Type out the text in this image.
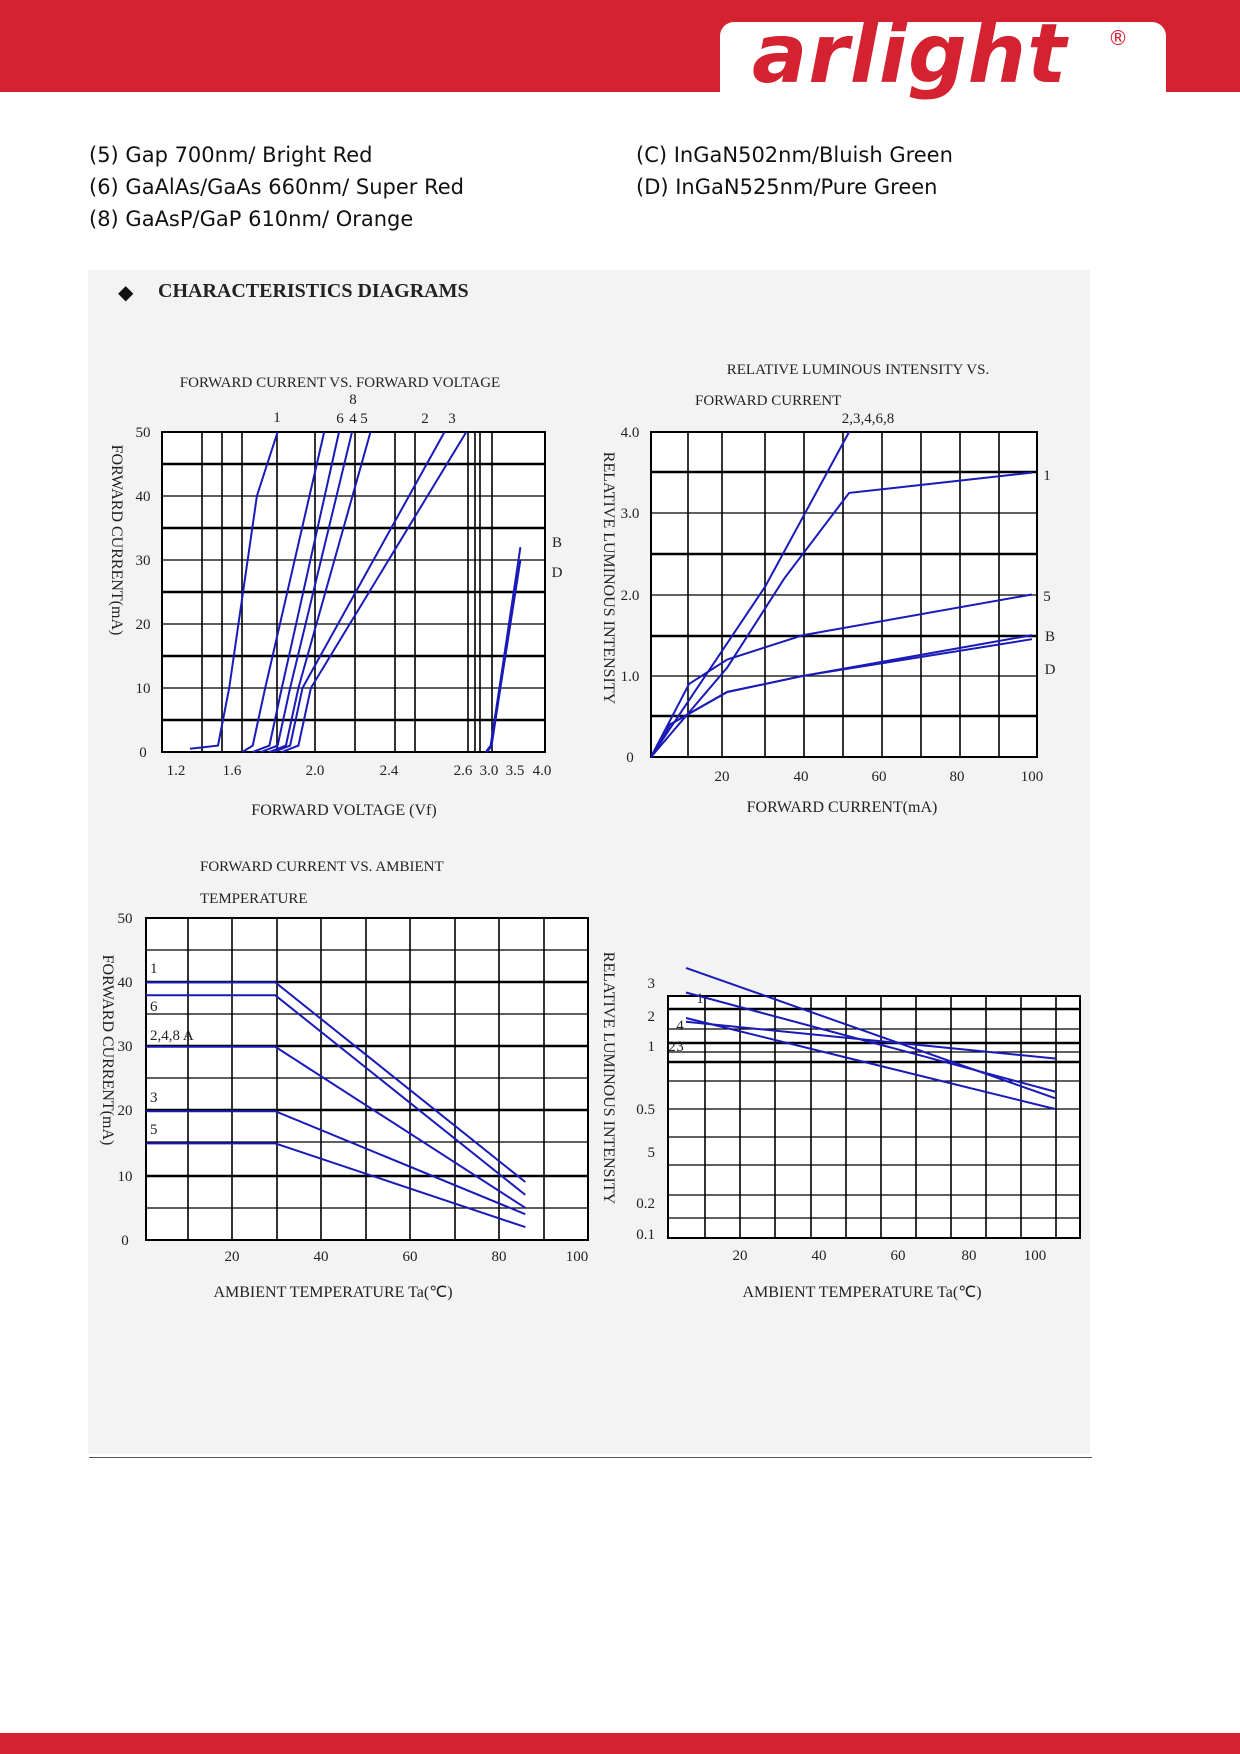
arlight ®
(5) Gap 700nm/ Bright Red
(6) GaAlAs/GaAs 660nm/ Super Red
(8) GaAsP/GaP 610nm/ Orange
(C) InGaN502nm/Bluish Green
(D) InGaN525nm/Pure Green
◆ CHARACTERISTICS DIAGRAMS
FORWARD CURRENT VS. FORWARD VOLTAGE
0
10
20
30
40
50
1.2 1.6	2.0	2.4	2.6 3.0 3.5 4.0
FORWARD VOLTAGE (Vf)
FORWARD CURRENT(mA)
1
8
6 4 5	2 3
B
D
RELATIVE LUMINOUS INTENSITY VS.
FORWARD CURRENT
0
1.0
2.0
3.0
4.0
20	40	60	80	100
FORWARD CURRENT(mA)
RELATIVE LUMINOUS INTENSITY
2,3,4,6,8
1
5
B
D
FORWARD CURRENT VS. AMBIENT
TEMPERATURE
0
10
20
30
40
50
20	40	60	80	100
AMBIENT TEMPERATURE Ta(℃)
FORWARD CURRENT(mA) 1
6
2,4,8 A
3
5
3
2
1
0.5
5
0.2
0.1
20	40	60	80	100
AMBIENT TEMPERATURE Ta(℃)
RELATIVE LUMINOUS INTENSITY	1
4
2 3
